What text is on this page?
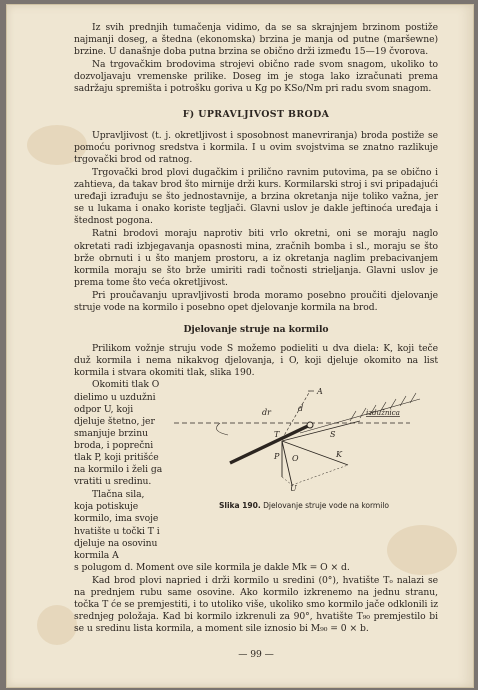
Iz svih prednjih tumačenja vidimo, da se sa skrajnjem brzinom postiže najmanji doseg, a štedna (ekonomska) brzina je manja od putne (maršewne) brzine. U današnje doba putna brzina se obično drži između 15—19 čvorova.

Na trgovačkim brodovima strojevi obično rade svom snagom, ukoliko to dozvoljavaju vremenske prilike. Doseg im je stoga lako izračunati prema sadržaju spremišta i potrošku goriva u Kg po KSo/Nm pri radu svom snagom.

F) UPRAVLJIVOST BRODA

Upravljivost (t. j. okretljivost i sposobnost manevriranja) broda postiže se pomoću porivnog sredstva i kormila. I u ovim svojstvima se znatno razlikuje trgovački brod od ratnog.

Trgovački brod plovi dugačkim i prilično ravnim putovima, pa se obično i zahtieva, da takav brod što mirnije drži kurs. Kormilarski stroj i svi pripadajući uređaji izrađuju se što jednostavnije, a brzina okretanja nije toliko važna, jer se u lukama i onako koriste tegljači. Glavni uslov je dakle jeftinoća uređaja i štednost pogona.

Ratni brodovi moraju naprotiv biti vrlo okretni, oni se moraju naglo okretati radi izbjegavanja opasnosti mina, zračnih bomba i sl., moraju se što brže obrnuti i u što manjem prostoru, a iz okretanja naglim prebacivanjem kormila moraju se što brže umiriti radi točnosti strieljanja. Glavni uslov je prema tome što veća okretljivost.

Pri proučavanju upravljivosti broda moramo posebno proučiti djelovanje struje vode na kormilo i posebno opet djelovanje kormila na brod.

Djelovanje struje na kormilo

Prilikom vožnje struju vode S možemo podieliti u dva diela: K, koji teče duž kormila i nema nikakvog djelovanja, i O, koji djeluje okomito na list kormila i stvara okomiti tlak, slika 190.

Okomiti tlak O dielimo u uzdužni odpor U, koji djeluje štetno, jer smanjuje brzinu broda, i poprečni tlak P, koji pritišće na kormilo i želi ga vratiti u sredinu.

Tlačna sila, koja potiskuje kormilo, ima svoje hvatište u točki T i djeluje na osovinu kormila A

A
dr	d
T	S
P O	K
U
izdužnica
Slika 190. Djelovanje struje vode na kormilo

s polugom d. Moment ove sile kormila je dakle Mk = O × d.

Kad brod plovi napried i drži kormilo u sredini (0°), hvatište Tₒ nalazi se na prednjem rubu same osovine. Ako kormilo izkrenemo na jednu stranu, točka T će se premjestiti, i to utoliko više, ukoliko smo kormilo jače odklonili iz srednjeg položaja. Kad bi kormilo izkrenuli za 90°, hvatište T₉₀ premjestilo bi se u sredinu lista kormila, a moment sile iznosio bi M₉₀ = 0 × b.

— 99 —
